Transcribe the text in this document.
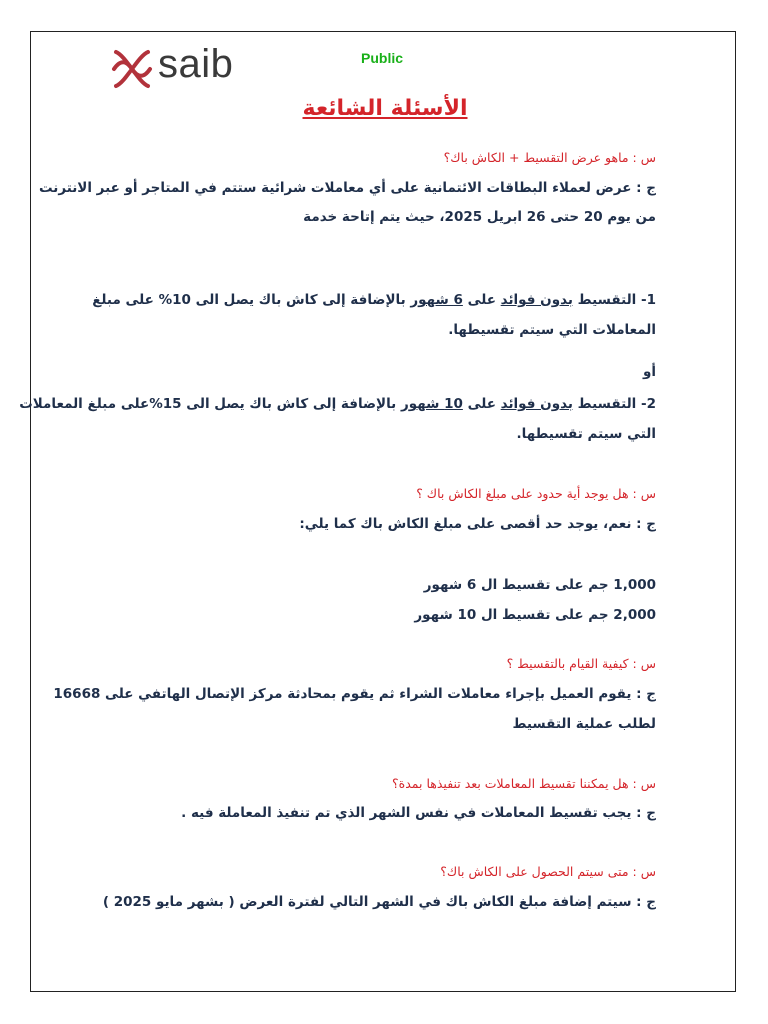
saib	Public
الأسئلة الشائعة
س : ماهو عرض التقسيط + الكاش باك؟
ج : عرض لعملاء البطاقات الائتمانية على أي معاملات شرائية ستتم في المتاجر أو عبر الانترنت
من يوم 20 حتى 26 ابريل 2025، حيث يتم إتاحة خدمة
1- التقسيط بدون فوائد على 6 شهور بالإضافة إلى كاش باك يصل الى 10% على مبلغ
المعاملات التي سيتم تقسيطها.
أو
2- التقسيط بدون فوائد على 10 شهور بالإضافة إلى كاش باك يصل الى 15%على مبلغ المعاملات
التي سيتم تقسيطها.
س : هل يوجد أية حدود على مبلغ الكاش باك ؟
ج : نعم، يوجد حد أقصى على مبلغ الكاش باك كما يلي:
1,000 جم على تقسيط ال 6 شهور
2,000 جم على تقسيط ال 10 شهور
س : كيفية القيام بالتقسيط ؟
ج : يقوم العميل بإجراء معاملات الشراء ثم يقوم بمحادثة مركز الإتصال الهاتفي على 16668
لطلب عملية التقسيط
س : هل يمكننا تقسيط المعاملات بعد تنفيذها بمدة؟
ج : يجب تقسيط المعاملات في نفس الشهر الذي تم تنفيذ المعاملة فيه .
س : متى سيتم الحصول على الكاش باك؟
ج : سيتم إضافة مبلغ الكاش باك في الشهر التالي لفترة العرض ( بشهر مايو 2025 )
